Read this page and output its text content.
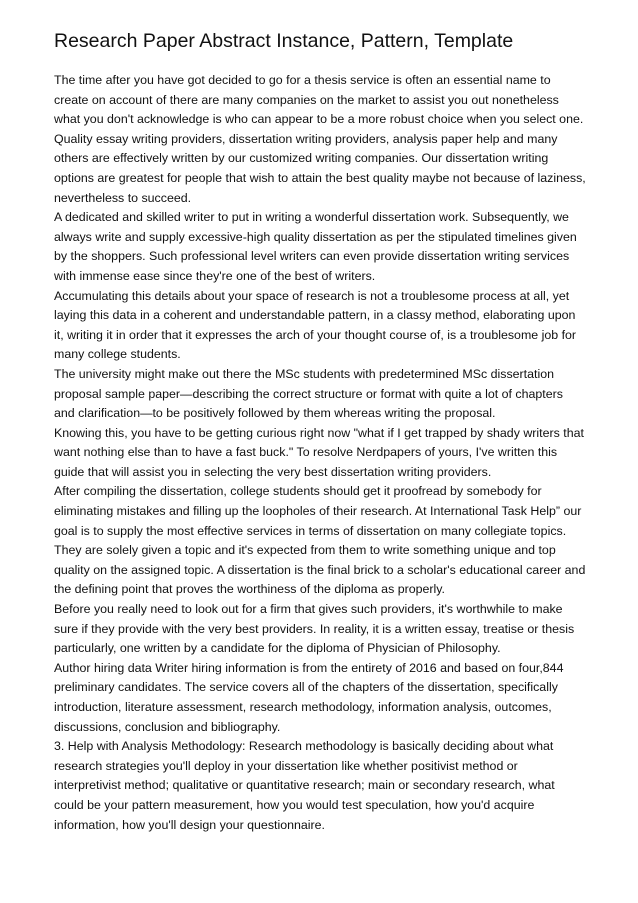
Research Paper Abstract Instance, Pattern, Template

The time after you have got decided to go for a thesis service is often an essential name to create on account of there are many companies on the market to assist you out nonetheless what you don't acknowledge is who can appear to be a more robust choice when you select one. Quality essay writing providers, dissertation writing providers, analysis paper help and many others are effectively written by our customized writing companies. Our dissertation writing options are greatest for people that wish to attain the best quality maybe not because of laziness, nevertheless to succeed.

A dedicated and skilled writer to put in writing a wonderful dissertation work. Subsequently, we always write and supply excessive-high quality dissertation as per the stipulated timelines given by the shoppers. Such professional level writers can even provide dissertation writing services with immense ease since they're one of the best of writers.

Accumulating this details about your space of research is not a troublesome process at all, yet laying this data in a coherent and understandable pattern, in a classy method, elaborating upon it, writing it in order that it expresses the arch of your thought course of, is a troublesome job for many college students.

The university might make out there the MSc students with predetermined MSc dissertation proposal sample paper—describing the correct structure or format with quite a lot of chapters and clarification—to be positively followed by them whereas writing the proposal.

Knowing this, you have to be getting curious right now "what if I get trapped by shady writers that want nothing else than to have a fast buck." To resolve Nerdpapers of yours, I've written this guide that will assist you in selecting the very best dissertation writing providers.

After compiling the dissertation, college students should get it proofread by somebody for eliminating mistakes and filling up the loopholes of their research. At International Task Help” our goal is to supply the most effective services in terms of dissertation on many collegiate topics.

They are solely given a topic and it's expected from them to write something unique and top quality on the assigned topic. A dissertation is the final brick to a scholar's educational career and the defining point that proves the worthiness of the diploma as properly.

Before you really need to look out for a firm that gives such providers, it's worthwhile to make sure if they provide with the very best providers. In reality, it is a written essay, treatise or thesis particularly, one written by a candidate for the diploma of Physician of Philosophy.

Author hiring data Writer hiring information is from the entirety of 2016 and based on four,844 preliminary candidates. The service covers all of the chapters of the dissertation, specifically introduction, literature assessment, research methodology, information analysis, outcomes, discussions, conclusion and bibliography.

3. Help with Analysis Methodology: Research methodology is basically deciding about what research strategies you'll deploy in your dissertation like whether positivist method or interpretivist method; qualitative or quantitative research; main or secondary research, what could be your pattern measurement, how you would test speculation, how you'd acquire information, how you'll design your questionnaire.
